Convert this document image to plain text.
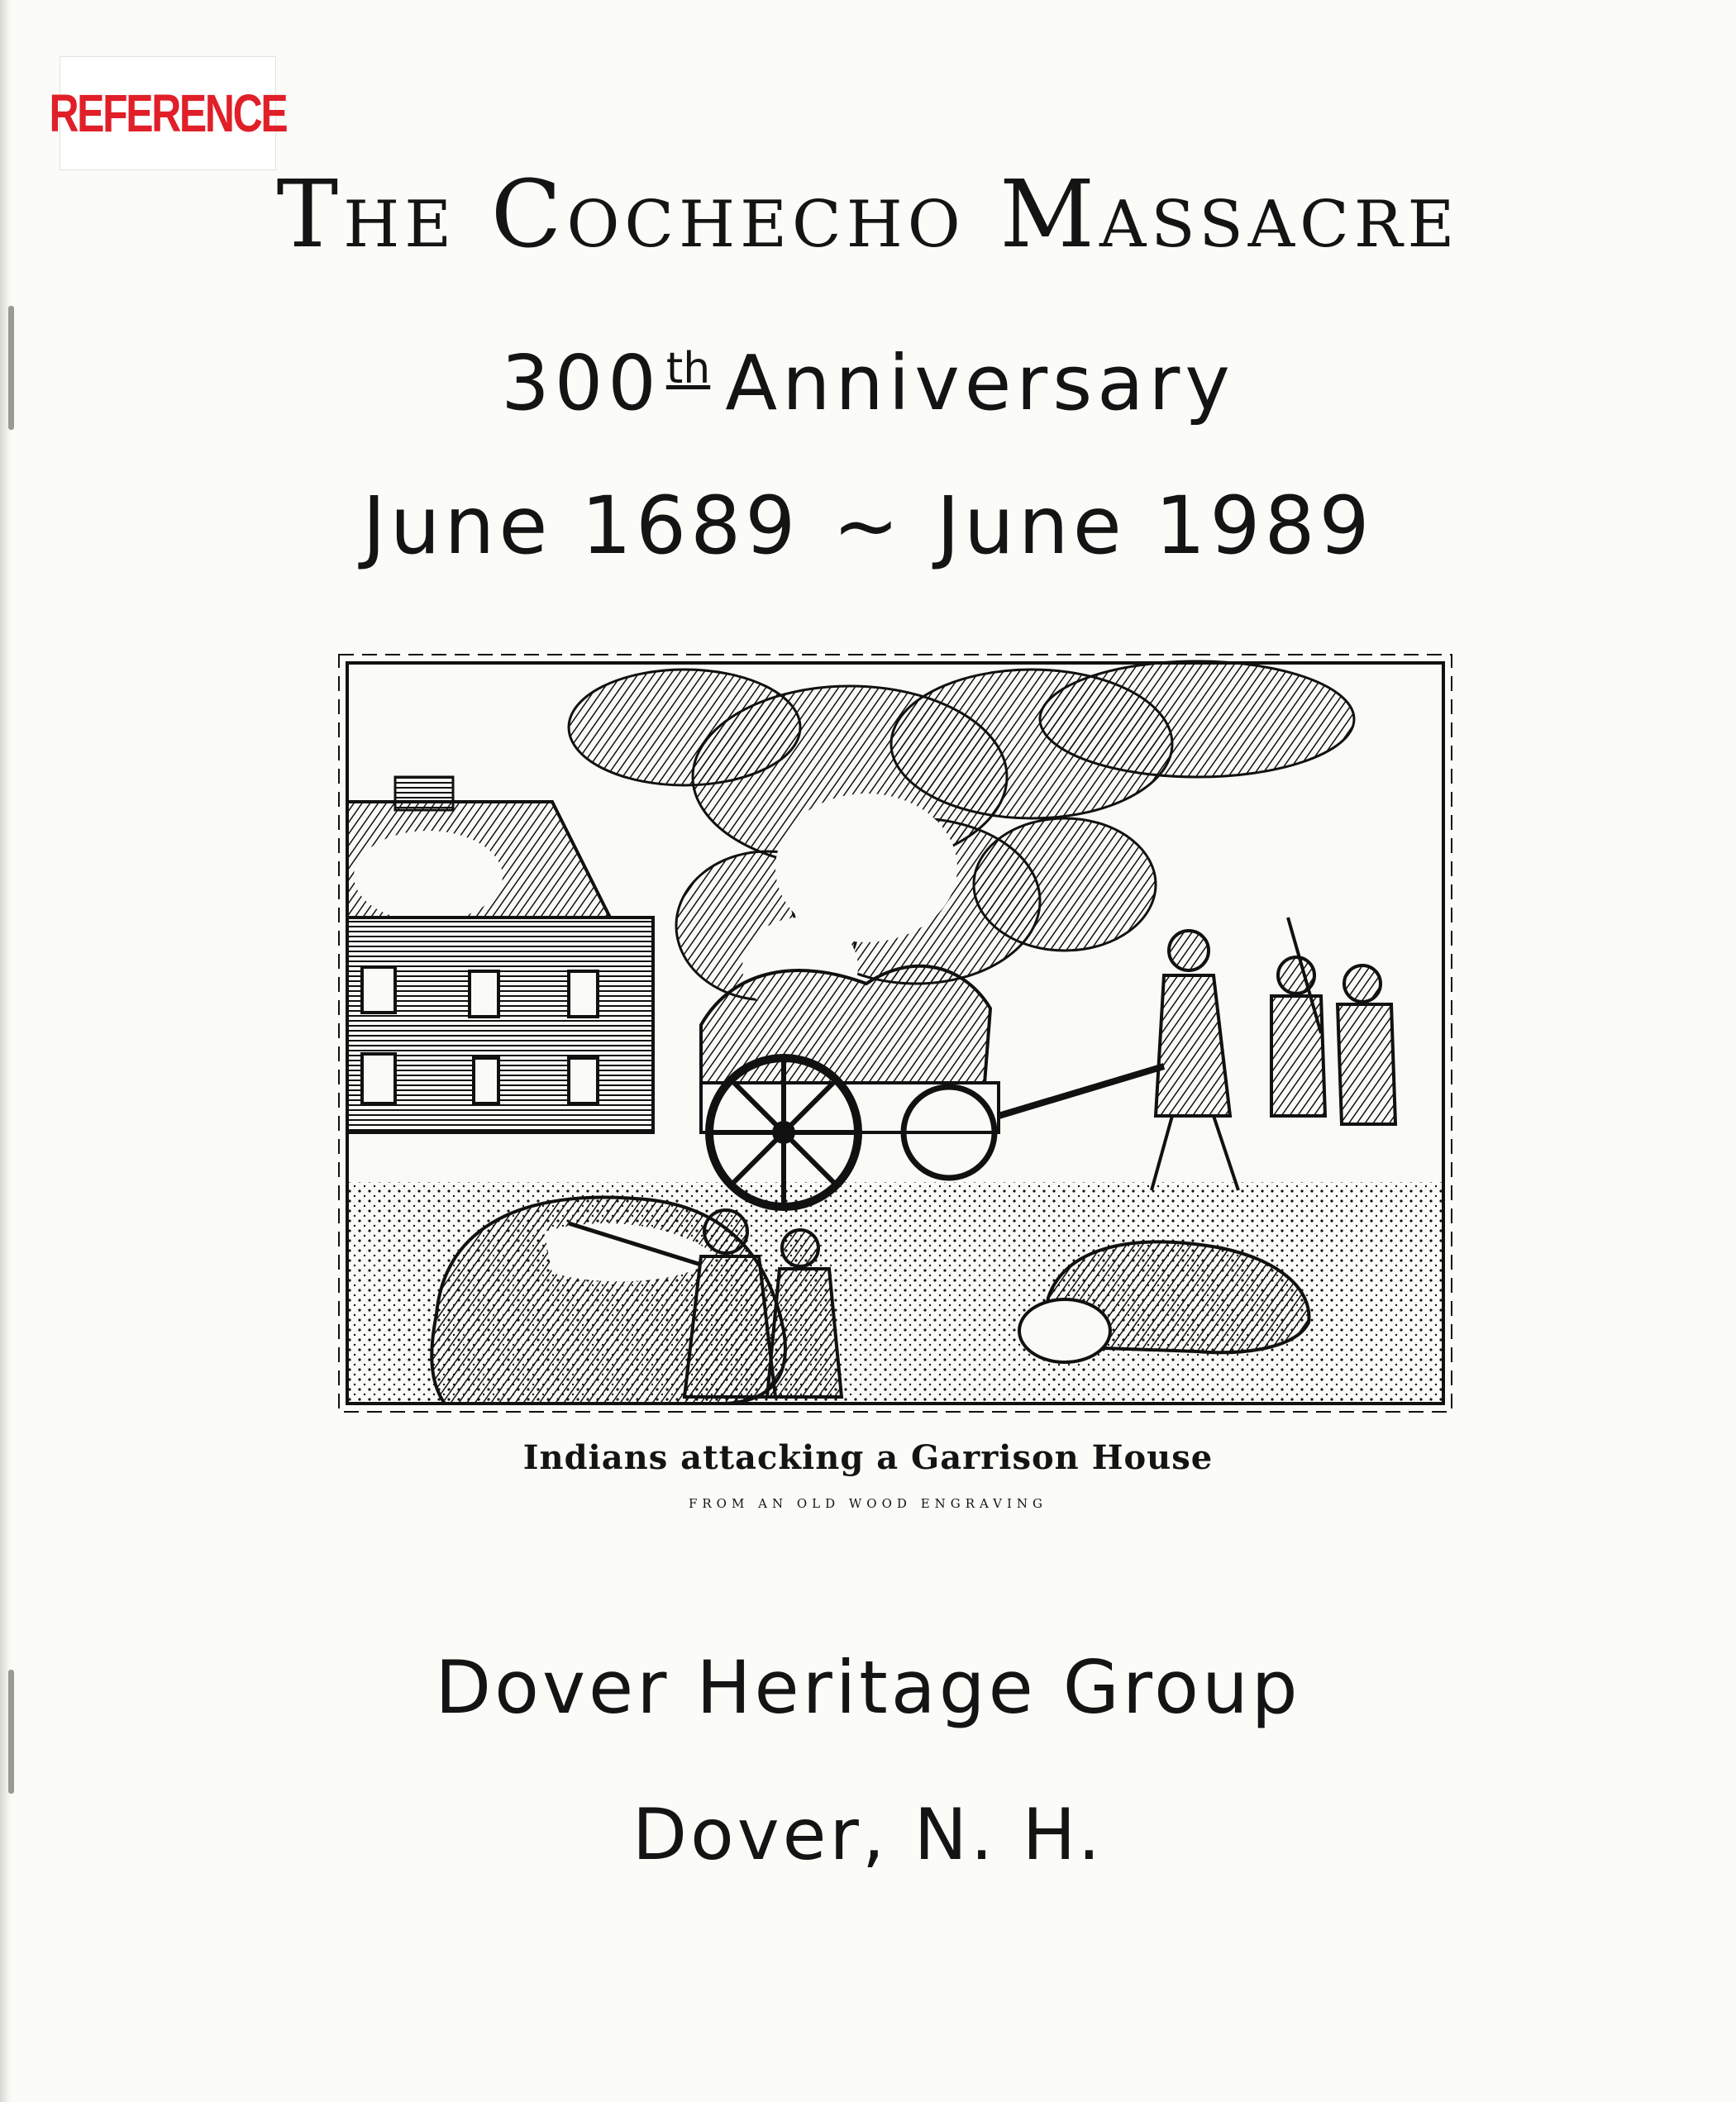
REFERENCE
The Cochecho Massacre
300 $^{th}$ Anniversary
June 1689 ~ June 1989
Indians attacking a Garrison House
FROM AN OLD WOOD ENGRAVING
Dover Heritage Group
Dover, N. H.
